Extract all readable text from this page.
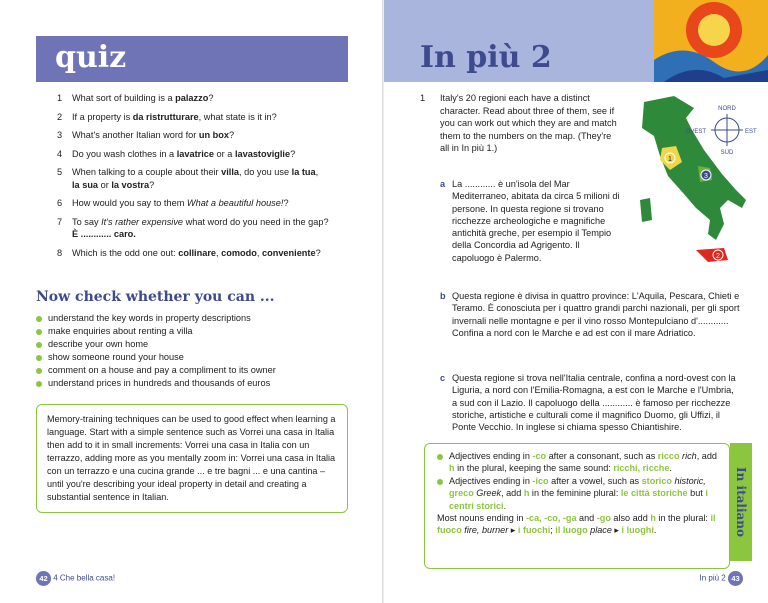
quiz
1 What sort of building is a palazzo?
2 If a property is da ristrutturare, what state is it in?
3 What's another Italian word for un box?
4 Do you wash clothes in a lavatrice or a lavastoviglie?
5 When talking to a couple about their villa, do you use la tua,
la sua or la vostra?
6 How would you say to them What a beautiful house!?
7 To say It's rather expensive what word do you need in the gap?
È ............ caro.
8 Which is the odd one out: collinare, comodo, conveniente?
Now check whether you can ...
understand the key words in property descriptions
make enquiries about renting a villa
describe your own home
show someone round your house
comment on a house and pay a compliment to its owner
understand prices in hundreds and thousands of euros
Memory-training techniques can be used to good effect when learning a language. Start with a simple sentence such as Vorrei una casa in Italia then add to it in small increments: Vorrei una casa in Italia con un terrazzo, adding more as you mentally zoom in: Vorrei una casa in Italia con un terrazzo e una cucina grande ... e tre bagni ... e una cantina – until you're describing your ideal property in detail and creating a substantial sentence in Italian.
42 4 Che bella casa!
In più 2
1	Italy's 20 regioni each have a distinct character. Read about three of them, see if you can work out which they are and match them to the numbers on the map. (They're all in In più 1.)
NORD
OVEST	EST
SUD
1
3
2
a La ............ è un'isola del Mar Mediterraneo, abitata da circa 5 milioni di persone. In questa regione si trovano ricchezze archeologiche e magnifiche antichità greche, per esempio il Tempio della Concordia ad Agrigento. Il capoluogo è Palermo.
b Questa regione è divisa in quattro province: L'Aquila, Pescara, Chieti e Teramo. È conosciuta per i quattro grandi parchi nazionali, per gli sport invernali nelle montagne e per il vino rosso Montepulciano d'............ Confina a nord con le Marche e ad est con il mare Adriatico.
c Questa regione si trova nell'Italia centrale, confina a nord-ovest con la Liguria, a nord con l'Emilia-Romagna, a est con le Marche e l'Umbria, a sud con il Lazio. Il capoluogo della ............ è famoso per ricchezze storiche, artistiche e culturali come il magnifico Duomo, gli Uffizi, il Ponte Vecchio. In inglese si chiama spesso Chiantishire.
Adjectives ending in -co after a consonant, such as ricco rich, add h in the plural, keeping the same sound: ricchi, ricche.
Adjectives ending in -ico after a vowel, such as storico historic, greco Greek, add h in the feminine plural: le città storiche but i centri storici.
Most nouns ending in -ca, -co, -ga and -go also add h in the plural: il fuoco fire, burner ▸ i fuochi; il luogo place ▸ i luoghi.	In italiano
In più 2 43
